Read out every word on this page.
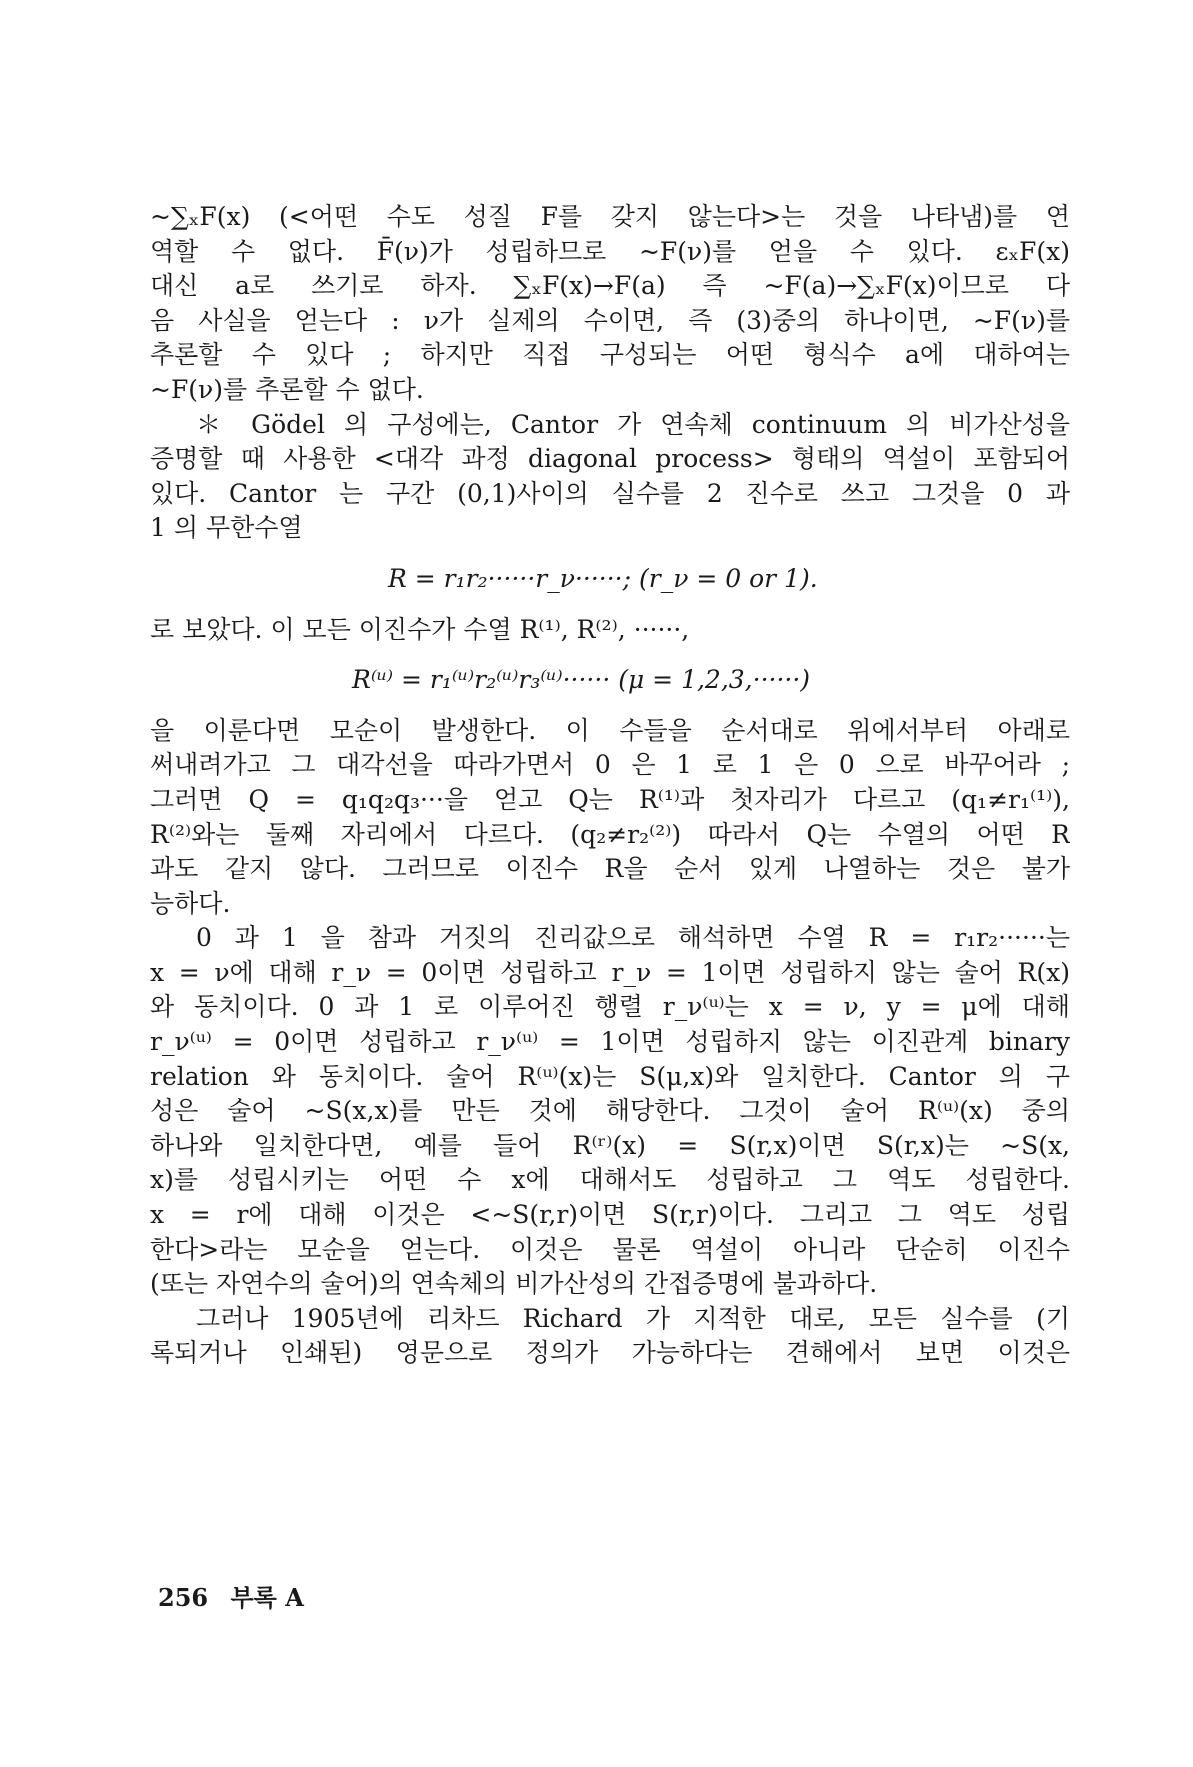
~∑ₓF(x) (<어떤 수도 성질 F를 갖지 않는다>는 것을 나타냄)를 연
역할 수 없다. F̄(ν)가 성립하므로 ~F(ν)를 얻을 수 있다. εₓF(x)
대신 a로 쓰기로 하자. ∑ₓF(x)→F(a) 즉 ~F(a)→∑ₓF(x)이므로 다
음 사실을 얻는다 : ν가 실제의 수이면, 즉 (3)중의 하나이면, ~F(ν)를
추론할 수 있다 ; 하지만 직접 구성되는 어떤 형식수 a에 대하여는
~F(ν)를 추론할 수 없다.
＊ Gödel 의 구성에는, Cantor 가 연속체 continuum 의 비가산성을
증명할 때 사용한 <대각 과정 diagonal process> 형태의 역설이 포함되어
있다. Cantor 는 구간 (0,1)사이의 실수를 2 진수로 쓰고 그것을 0 과
1 의 무한수열
R = r₁r₂······r_ν······; (r_ν = 0 or 1).
로 보았다. 이 모든 이진수가 수열 R⁽¹⁾, R⁽²⁾, ······,
R⁽ᵘ⁾ = r₁⁽ᵘ⁾r₂⁽ᵘ⁾r₃⁽ᵘ⁾······ (μ = 1,2,3,······)
을 이룬다면 모순이 발생한다. 이 수들을 순서대로 위에서부터 아래로
써내려가고 그 대각선을 따라가면서 0 은 1 로 1 은 0 으로 바꾸어라 ;
그러면 Q = q₁q₂q₃···을 얻고 Q는 R⁽¹⁾과 첫자리가 다르고 (q₁≠r₁⁽¹⁾),
R⁽²⁾와는 둘째 자리에서 다르다. (q₂≠r₂⁽²⁾) 따라서 Q는 수열의 어떤 R
과도 같지 않다. 그러므로 이진수 R을 순서 있게 나열하는 것은 불가
능하다.
0 과 1 을 참과 거짓의 진리값으로 해석하면 수열 R = r₁r₂······는
x = ν에 대해 r_ν = 0이면 성립하고 r_ν = 1이면 성립하지 않는 술어 R(x)
와 동치이다. 0 과 1 로 이루어진 행렬 r_ν⁽ᵘ⁾는 x = ν, y = μ에 대해
r_ν⁽ᵘ⁾ = 0이면 성립하고 r_ν⁽ᵘ⁾ = 1이면 성립하지 않는 이진관계 binary
relation 와 동치이다. 술어 R⁽ᵘ⁾(x)는 S(μ,x)와 일치한다. Cantor 의 구
성은 술어 ~S(x,x)를 만든 것에 해당한다. 그것이 술어 R⁽ᵘ⁾(x) 중의
하나와 일치한다면, 예를 들어 R⁽ʳ⁾(x) = S(r,x)이면 S(r,x)는 ~S(x,
x)를 성립시키는 어떤 수 x에 대해서도 성립하고 그 역도 성립한다.
x = r에 대해 이것은 <~S(r,r)이면 S(r,r)이다. 그리고 그 역도 성립
한다>라는 모순을 얻는다. 이것은 물론 역설이 아니라 단순히 이진수
(또는 자연수의 술어)의 연속체의 비가산성의 간접증명에 불과하다.
그러나 1905년에 리차드 Richard 가 지적한 대로, 모든 실수를 (기
록되거나 인쇄된) 영문으로 정의가 가능하다는 견해에서 보면 이것은
256 부록 A
